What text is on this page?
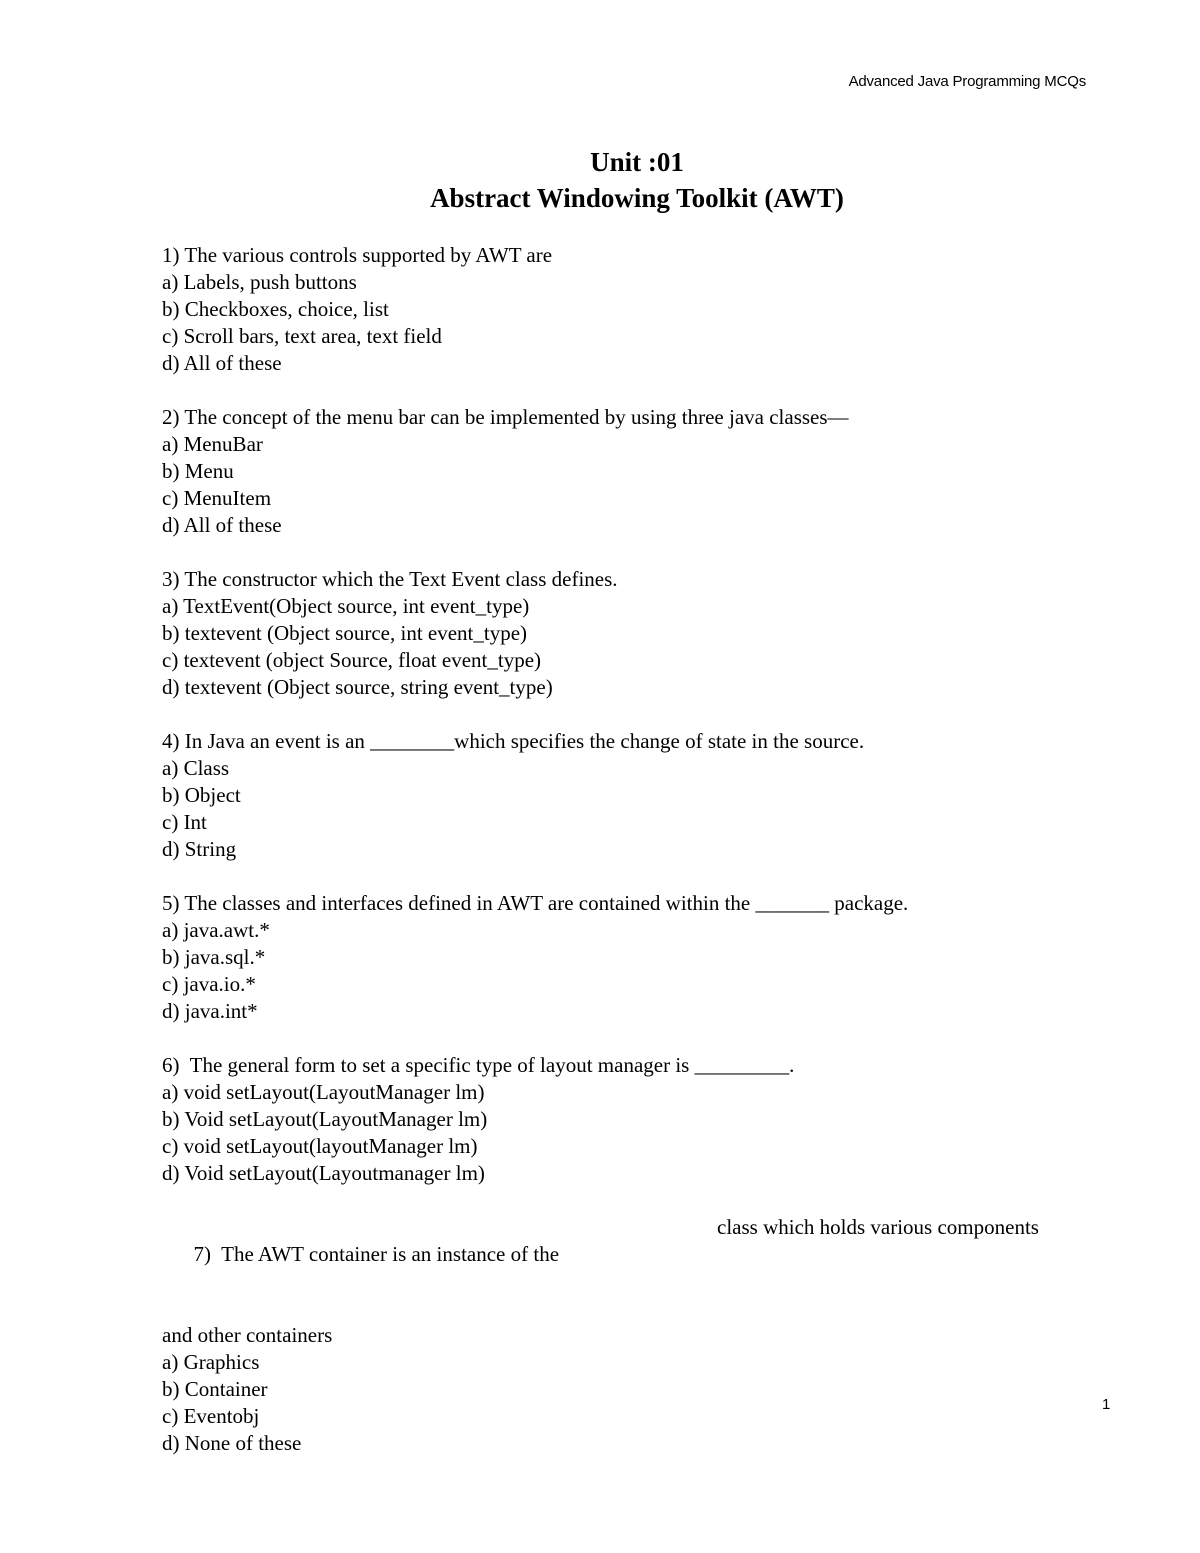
Advanced Java Programming MCQs
Unit :01
Abstract Windowing Toolkit (AWT)

1) The various controls supported by AWT are

a) Labels, push buttons

b) Checkboxes, choice, list

c) Scroll bars, text area, text field

d) All of these

2) The concept of the menu bar can be implemented by using three java classes—

a) MenuBar

b) Menu

c) MenuItem

d) All of these

3) The constructor which the Text Event class defines.

a) TextEvent(Object source, int event_type)

b) textevent (Object source, int event_type)

c) textevent (object Source, float event_type)

d) textevent (Object source, string event_type)

4) In Java an event is an ________which specifies the change of state in the source.

a) Class

b) Object

c) Int

d) String

5) The classes and interfaces defined in AWT are contained within the _______ package.

a) java.awt.*

b) java.sql.*

c) java.io.*

d) java.int*

6)  The general form to set a specific type of layout manager is _________.

a) void setLayout(LayoutManager lm)

b) Void setLayout(LayoutManager lm)

c) void setLayout(layoutManager lm)

d) Void setLayout(Layoutmanager lm)

7)  The AWT container is an instance of the

class which holds various components

and other containers

a) Graphics

b) Container

c) Eventobj

d) None of these

1
